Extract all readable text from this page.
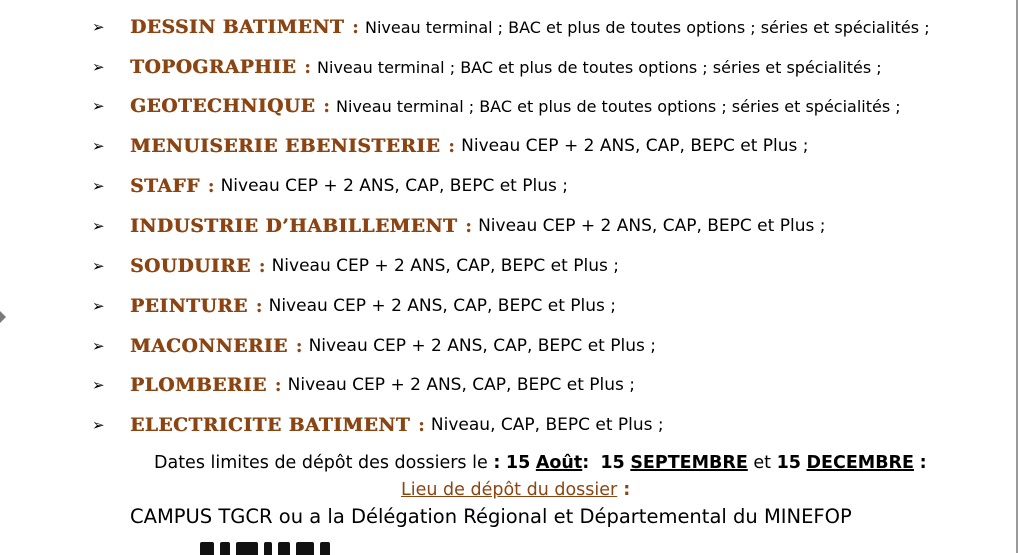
➢	DESSIN BATIMENT : Niveau terminal ; BAC et plus de toutes options ; séries et spécialités ;
➢	TOPOGRAPHIE : Niveau terminal ; BAC et plus de toutes options ; séries et spécialités ;
➢	GEOTECHNIQUE : Niveau terminal ; BAC et plus de toutes options ; séries et spécialités ;
➢	MENUISERIE EBENISTERIE : Niveau CEP + 2 ANS, CAP, BEPC et Plus ;
➢	STAFF : Niveau CEP + 2 ANS, CAP, BEPC et Plus ;
➢	INDUSTRIE D’HABILLEMENT : Niveau CEP + 2 ANS, CAP, BEPC et Plus ;
➢	SOUDUIRE : Niveau CEP + 2 ANS, CAP, BEPC et Plus ;
➢	PEINTURE : Niveau CEP + 2 ANS, CAP, BEPC et Plus ;
➢	MACONNERIE : Niveau CEP + 2 ANS, CAP, BEPC et Plus ;
➢	PLOMBERIE : Niveau CEP + 2 ANS, CAP, BEPC et Plus ;
➢	ELECTRICITE BATIMENT : Niveau, CAP, BEPC et Plus ;
Dates limites de dépôt des dossiers le : 15 Août: 15 SEPTEMBRE et 15 DECEMBRE :
Lieu de dépôt du dossier :
CAMPUS TGCR ou a la Délégation Régional et Départemental du MINEFOP
